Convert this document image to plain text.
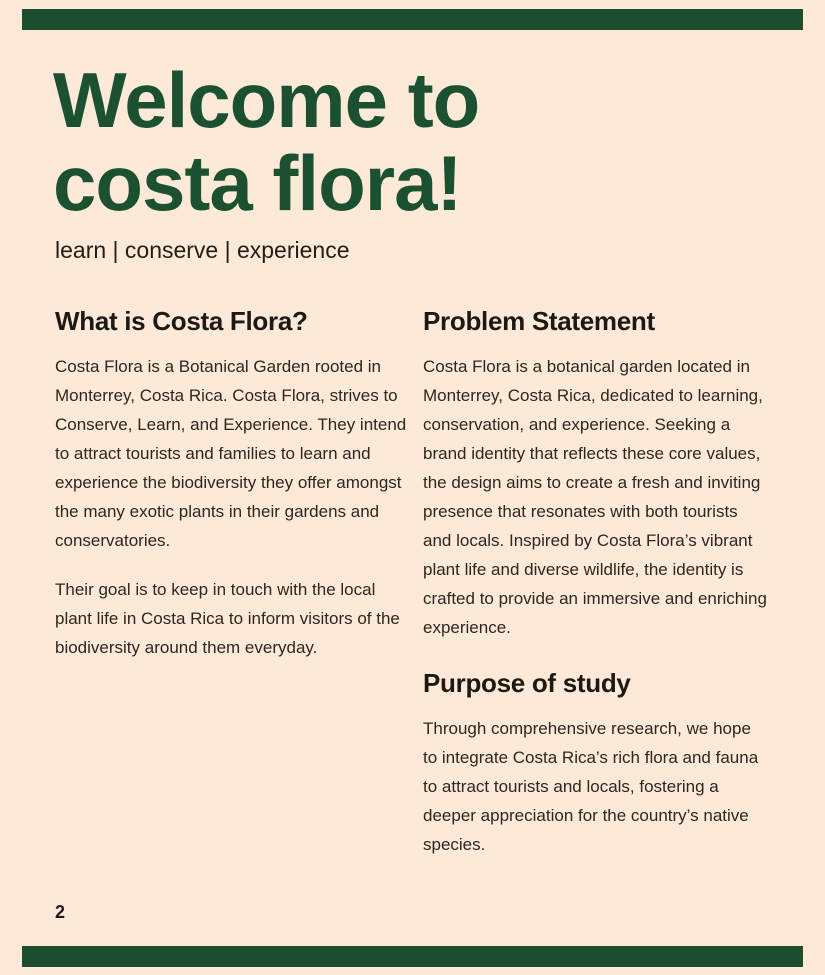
Welcome to
costa flora!

learn | conserve | experience

What is Costa Flora?

Costa Flora is a Botanical Garden rooted in Monterrey, Costa Rica. Costa Flora, strives to Conserve, Learn, and Experience. They intend to attract tourists and families to learn and experience the biodiversity they offer amongst the many exotic plants in their gardens and conservatories.

Their goal is to keep in touch with the local plant life in Costa Rica to inform visitors of the biodiversity around them everyday.

Problem Statement

Costa Flora is a botanical garden located in Monterrey, Costa Rica, dedicated to learning, conservation, and experience. Seeking a brand identity that reflects these core values, the design aims to create a fresh and inviting presence that resonates with both tourists and locals. Inspired by Costa Flora’s vibrant plant life and diverse wildlife, the identity is crafted to provide an immersive and enriching experience.

Purpose of study

Through comprehensive research, we hope to integrate Costa Rica’s rich flora and fauna to attract tourists and locals, fostering a deeper appreciation for the country’s native species.

2
